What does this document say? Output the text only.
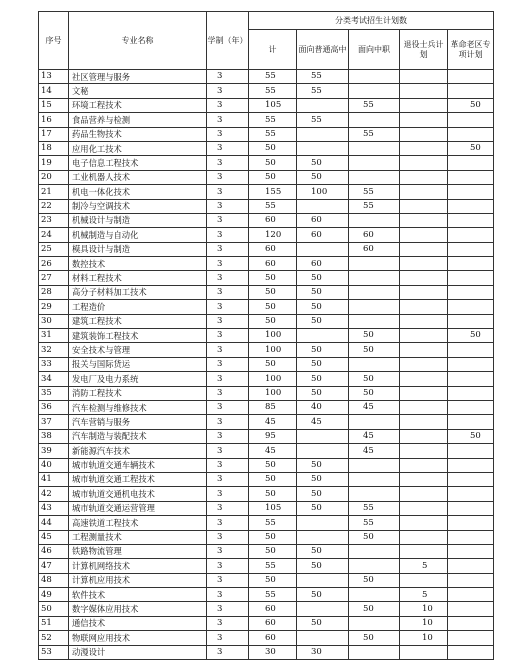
序号	专业名称	学制（年）	分类考试招生计划数				
			计	面向普通高中	面向中职	退役士兵计划	革命老区专项计划
13	社区管理与服务	3	55	55			
14	文秘	3	55	55			
15	环境工程技术	3	105		55		50
16	食品营养与检测	3	55	55			
17	药品生物技术	3	55		55		
18	应用化工技术	3	50				50
19	电子信息工程技术	3	50	50			
20	工业机器人技术	3	50	50			
21	机电一体化技术	3	155	100	55		
22	制冷与空调技术	3	55		55		
23	机械设计与制造	3	60	60			
24	机械制造与自动化	3	120	60	60		
25	模具设计与制造	3	60		60		
26	数控技术	3	60	60			
27	材料工程技术	3	50	50			
28	高分子材料加工技术	3	50	50			
29	工程造价	3	50	50			
30	建筑工程技术	3	50	50			
31	建筑装饰工程技术	3	100		50		50
32	安全技术与管理	3	100	50	50		
33	报关与国际货运	3	50	50			
34	发电厂及电力系统	3	100	50	50		
35	消防工程技术	3	100	50	50		
36	汽车检测与维修技术	3	85	40	45		
37	汽车营销与服务	3	45	45			
38	汽车制造与装配技术	3	95		45		50
39	新能源汽车技术	3	45		45		
40	城市轨道交通车辆技术	3	50	50			
41	城市轨道交通工程技术	3	50	50			
42	城市轨道交通机电技术	3	50	50			
43	城市轨道交通运营管理	3	105	50	55		
44	高速铁道工程技术	3	55		55		
45	工程测量技术	3	50		50		
46	铁路物流管理	3	50	50			
47	计算机网络技术	3	55	50		5	
48	计算机应用技术	3	50		50		
49	软件技术	3	55	50		5	
50	数字媒体应用技术	3	60		50	10	
51	通信技术	3	60	50		10	
52	物联网应用技术	3	60		50	10	
53	动漫设计	3	30	30			
